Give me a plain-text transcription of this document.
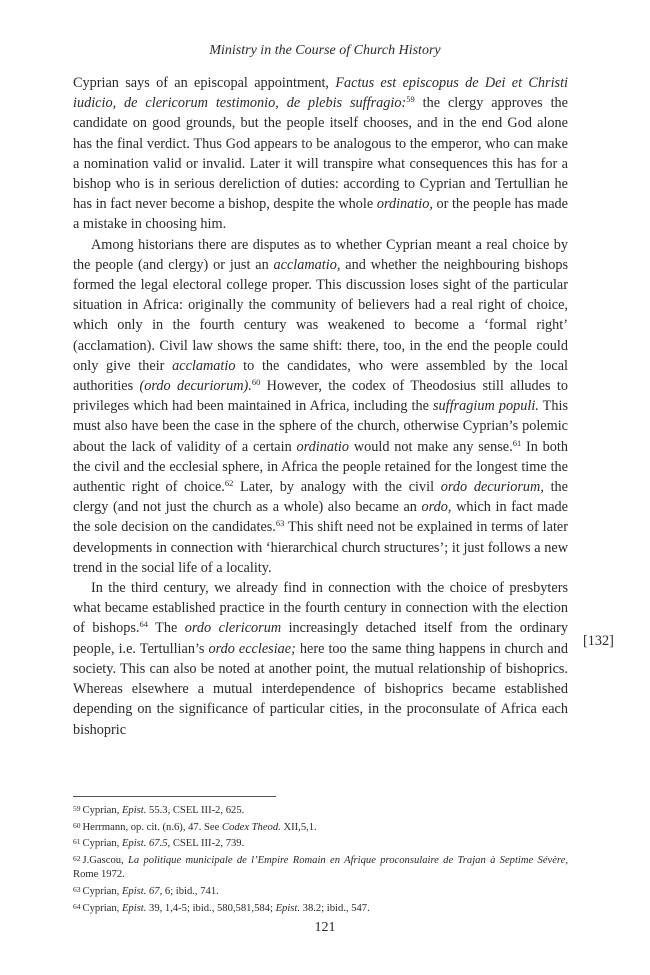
Ministry in the Course of Church History

Cyprian says of an episcopal appointment, Factus est episcopus de Dei et Christi iudicio, de clericorum testimonio, de plebis suffragio:$^{59}$ the clergy approves the candidate on good grounds, but the people itself chooses, and in the end God alone has the final verdict. Thus God appears to be analogous to the emperor, who can make a nomination valid or invalid. Later it will transpire what consequences this has for a bishop who is in serious dereliction of duties: according to Cyprian and Tertullian he has in fact never become a bishop, despite the whole ordinatio, or the people has made a mistake in choosing him.

Among historians there are disputes as to whether Cyprian meant a real choice by the people (and clergy) or just an acclamatio, and whether the neighbouring bishops formed the legal electoral college proper. This discussion loses sight of the particular situation in Africa: originally the community of believers had a real right of choice, which only in the fourth century was weakened to become a ‘formal right’ (acclamation). Civil law shows the same shift: there, too, in the end the people could only give their acclamatio to the candidates, who were assembled by the local authorities (ordo decuriorum).$^{60}$ However, the codex of Theodosius still alludes to privileges which had been maintained in Africa, including the suffragium populi. This must also have been the case in the sphere of the church, otherwise Cyprian’s polemic about the lack of validity of a certain ordinatio would not make any sense.$^{61}$ In both the civil and the ecclesial sphere, in Africa the people retained for the longest time the authentic right of choice.$^{62}$ Later, by analogy with the civil ordo decuriorum, the clergy (and not just the church as a whole) also became an ordo, which in fact made the sole decision on the candidates.$^{63}$ This shift need not be explained in terms of later developments in connection with ‘hierarchical church structures’; it just follows a new trend in the social life of a locality.

In the third century, we already find in connection with the choice of presbyters what became established practice in the fourth century in connection with the election of bishops.$^{64}$ The ordo clericorum increasingly detached itself from the ordinary people, i.e. Tertullian’s ordo ecclesiae; here too the same thing happens in church and society. This can also be noted at another point, the mutual relationship of bishoprics. Whereas elsewhere a mutual interdependence of bishoprics became established depending on the significance of particular cities, in the proconsulate of Africa each bishopric

[132]
59 Cyprian, Epist. 55.3, CSEL III-2, 625.
60 Herrmann, op. cit. (n.6), 47. See Codex Theod. XII,5,1.
61 Cyprian, Epist. 67.5, CSEL III-2, 739.
62 J.Gascou, La politique municipale de l’Empire Romain en Afrique proconsulaire de Trajan à Septime Sévère, Rome 1972.
63 Cyprian, Epist. 67, 6; ibid., 741.
64 Cyprian, Epist. 39, 1,4-5; ibid., 580,581,584; Epist. 38.2; ibid., 547.
121
